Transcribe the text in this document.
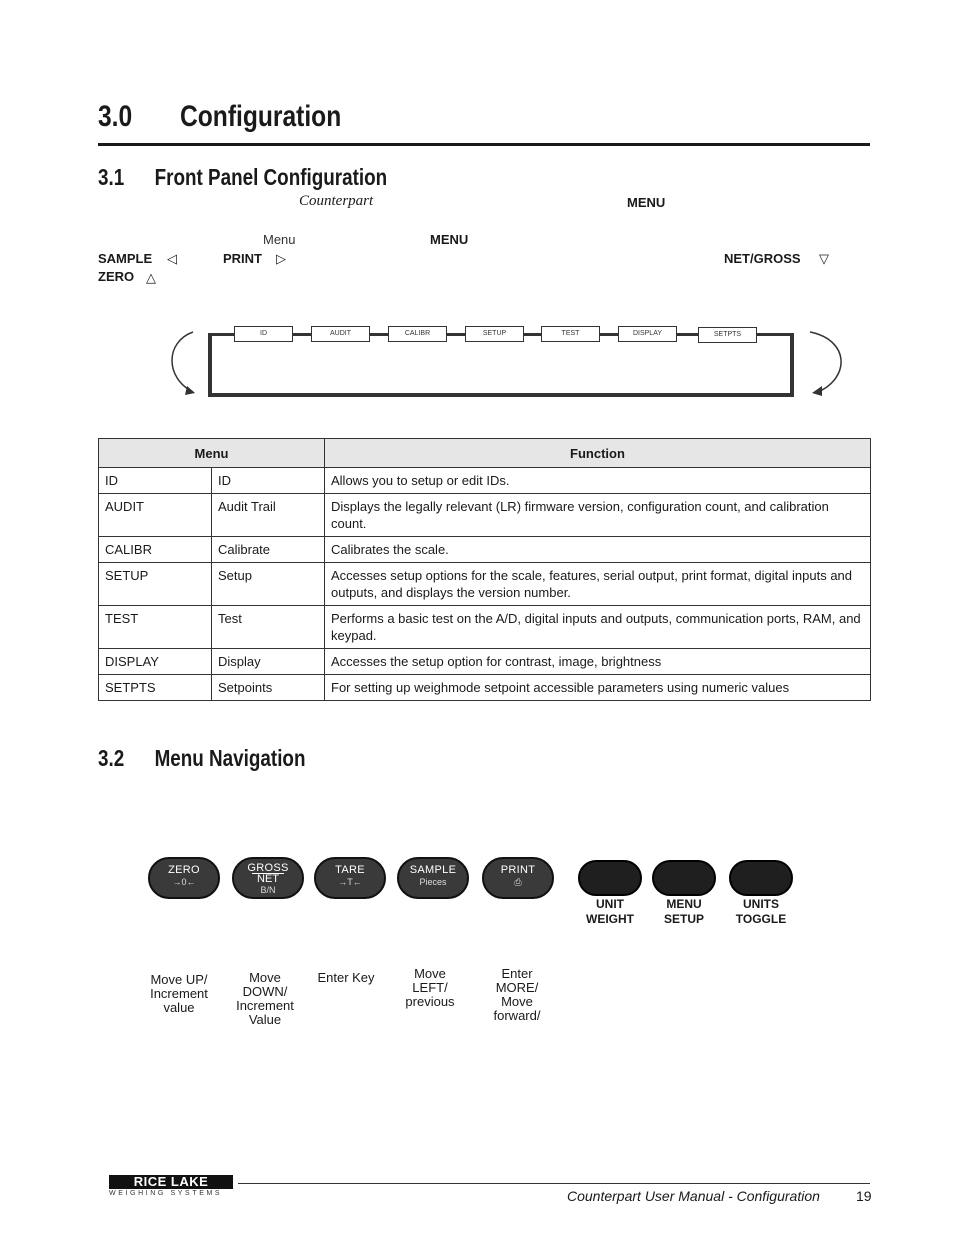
3.0 Configuration
3.1 Front Panel Configuration
Counterpart	MENU
Menu	MENU
SAMPLE ◁	PRINT ▷	NET/GROSS ▽
ZERO △
ID	AUDIT	CALIBR	SETUP	TEST	DISPLAY	SETPTS
Menu		Function
ID	ID	Allows you to setup or edit IDs.
AUDIT	Audit Trail	Displays the legally relevant (LR) firmware version, configuration count, and calibration count.
CALIBR	Calibrate	Calibrates the scale.
SETUP	Setup	Accesses setup options for the scale, features, serial output, print format, digital inputs and outputs, and displays the version number.
TEST	Test	Performs a basic test on the A/D, digital inputs and outputs, communication ports, RAM, and keypad.
DISPLAY	Display	Accesses the setup option for contrast, image, brightness
SETPTS	Setpoints	For setting up weighmode setpoint accessible parameters using numeric values
3.2 Menu Navigation
ZERO
→0←
GROSS
NET
B/N
TARE
→T←
SAMPLE
Pieces
PRINT
⎙
UNIT
WEIGHT
MENU
SETUP
UNITS
TOGGLE
Move UP/
Increment
value
Move
DOWN/
Increment
Value
Enter Key	Move
LEFT/
previous
Enter
MORE/
Move
forward/
RICE LAKE
WEIGHING SYSTEMS	Counterpart User Manual - Configuration	19
